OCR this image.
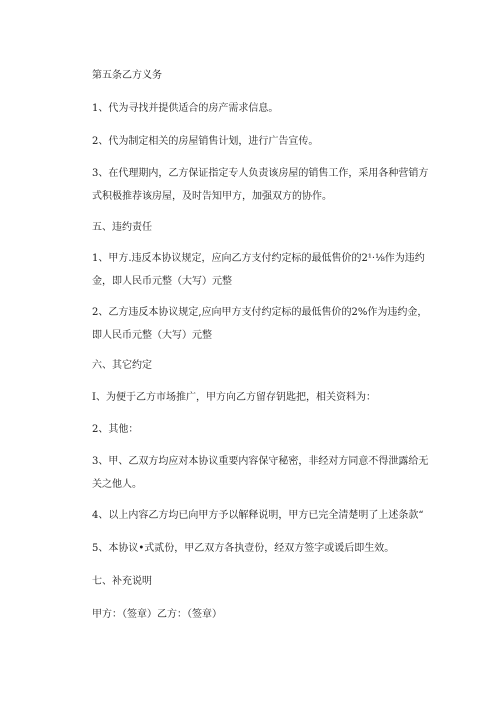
第五条乙方义务

1、代为寻找并提供适合的房产需求信息。

2、代为制定相关的房屋销售计划，进行广告宣传。

3、在代理期内，乙方保证指定专人负责该房屋的销售工作，采用各种营销方式积极推荐该房屋，及时告知甲方，加强双方的协作。

五、违约责任

1、甲方.违反本协议规定，应向乙方支付约定标的最低售价的2¹·⅛作为违约金，即人民币元整（大写）元整

2、乙方违反本协议规定,应向甲方支付约定标的最低售价的2%作为违约金，即人民币元整（大写）元整

六、其它约定

I、为便于乙方市场推广，甲方向乙方留存钥匙把，相关资料为：

2、其他：

3、甲、乙双方均应对本协议重要内容保守秘密，非经对方同意不得泄露给无关之他人。

4、以上内容乙方均已向甲方予以解释说明，甲方已完全清楚明了上述条款“

5、本协议•式贰份，甲乙双方各执壹份，经双方签字或谖后即生效。

七、补充说明

甲方：（签章）乙方：（签章）
